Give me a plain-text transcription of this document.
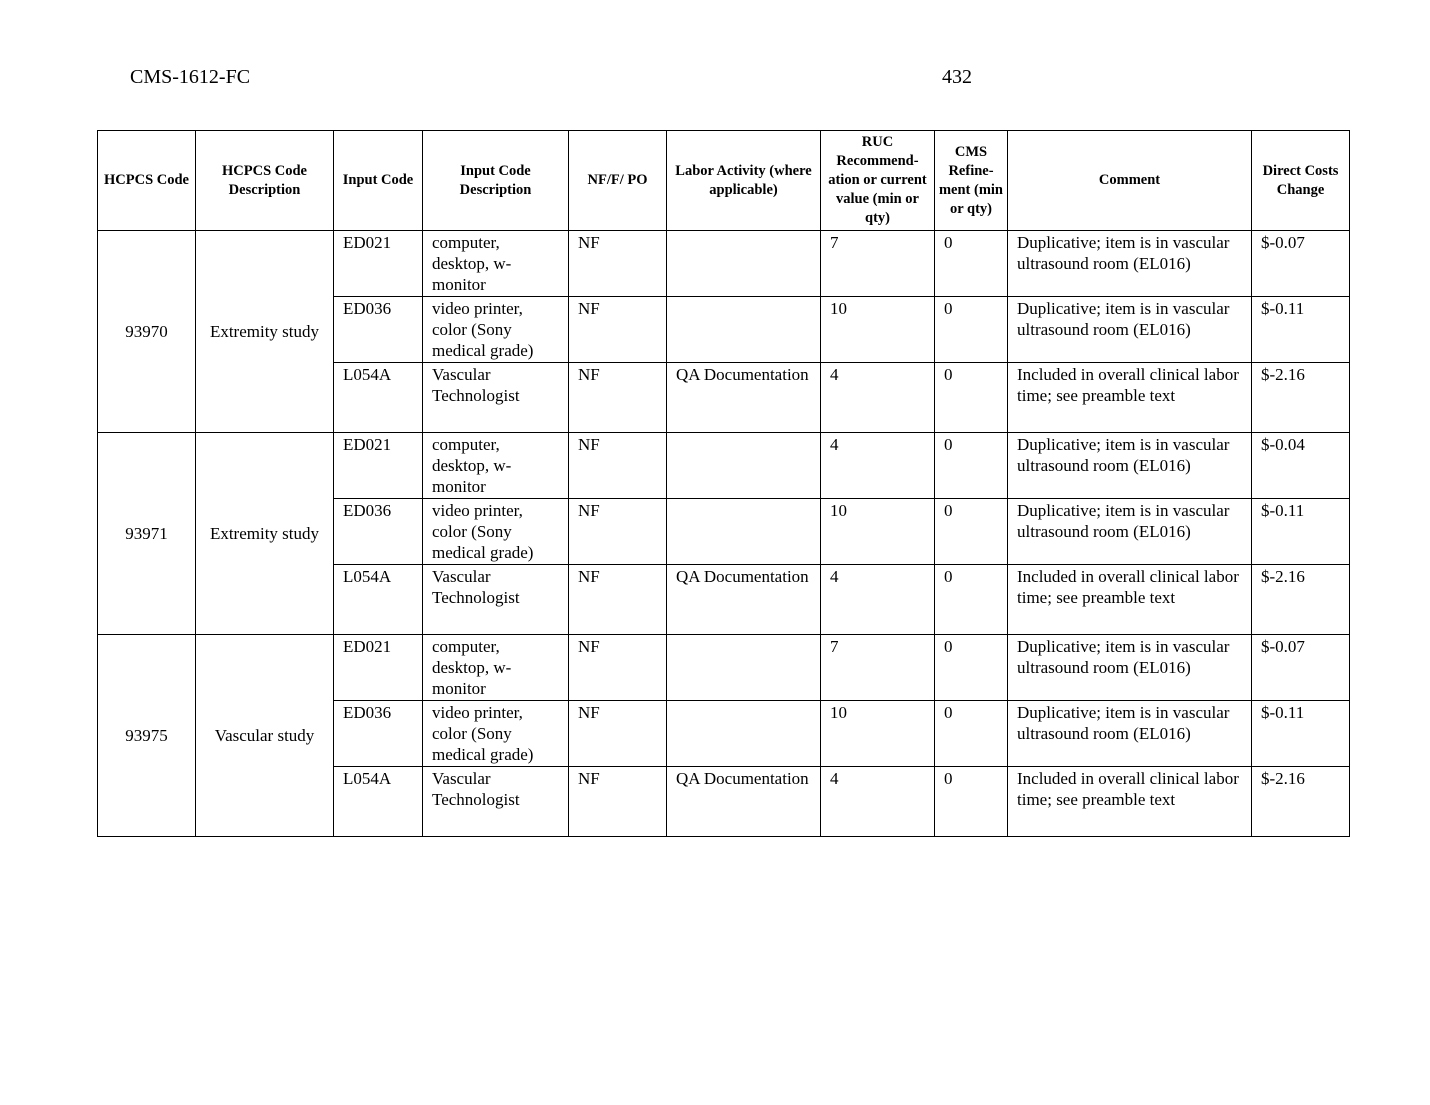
CMS-1612-FC	432
HCPCS Code	HCPCS Code Description	Input Code	Input Code Description	NF/F/ PO	Labor Activity (where applicable)	RUC Recommend-ation or current value (min or qty)	CMS Refine-ment (min or qty)	Comment	Direct Costs Change
93970	Extremity study	ED021	computer, desktop, w-monitor	NF		7	0	Duplicative; item is in vascular ultrasound room (EL016)	$-0.07
		ED036	video printer, color (Sony medical grade)	NF		10	0	Duplicative; item is in vascular ultrasound room (EL016)	$-0.11
		L054A	Vascular Technologist	NF	QA Documentation	4	0	Included in overall clinical labor time; see preamble text	$-2.16
93971	Extremity study	ED021	computer, desktop, w-monitor	NF		4	0	Duplicative; item is in vascular ultrasound room (EL016)	$-0.04
		ED036	video printer, color (Sony medical grade)	NF		10	0	Duplicative; item is in vascular ultrasound room (EL016)	$-0.11
		L054A	Vascular Technologist	NF	QA Documentation	4	0	Included in overall clinical labor time; see preamble text	$-2.16
93975	Vascular study	ED021	computer, desktop, w-monitor	NF		7	0	Duplicative; item is in vascular ultrasound room (EL016)	$-0.07
		ED036	video printer, color (Sony medical grade)	NF		10	0	Duplicative; item is in vascular ultrasound room (EL016)	$-0.11
		L054A	Vascular Technologist	NF	QA Documentation	4	0	Included in overall clinical labor time; see preamble text	$-2.16
